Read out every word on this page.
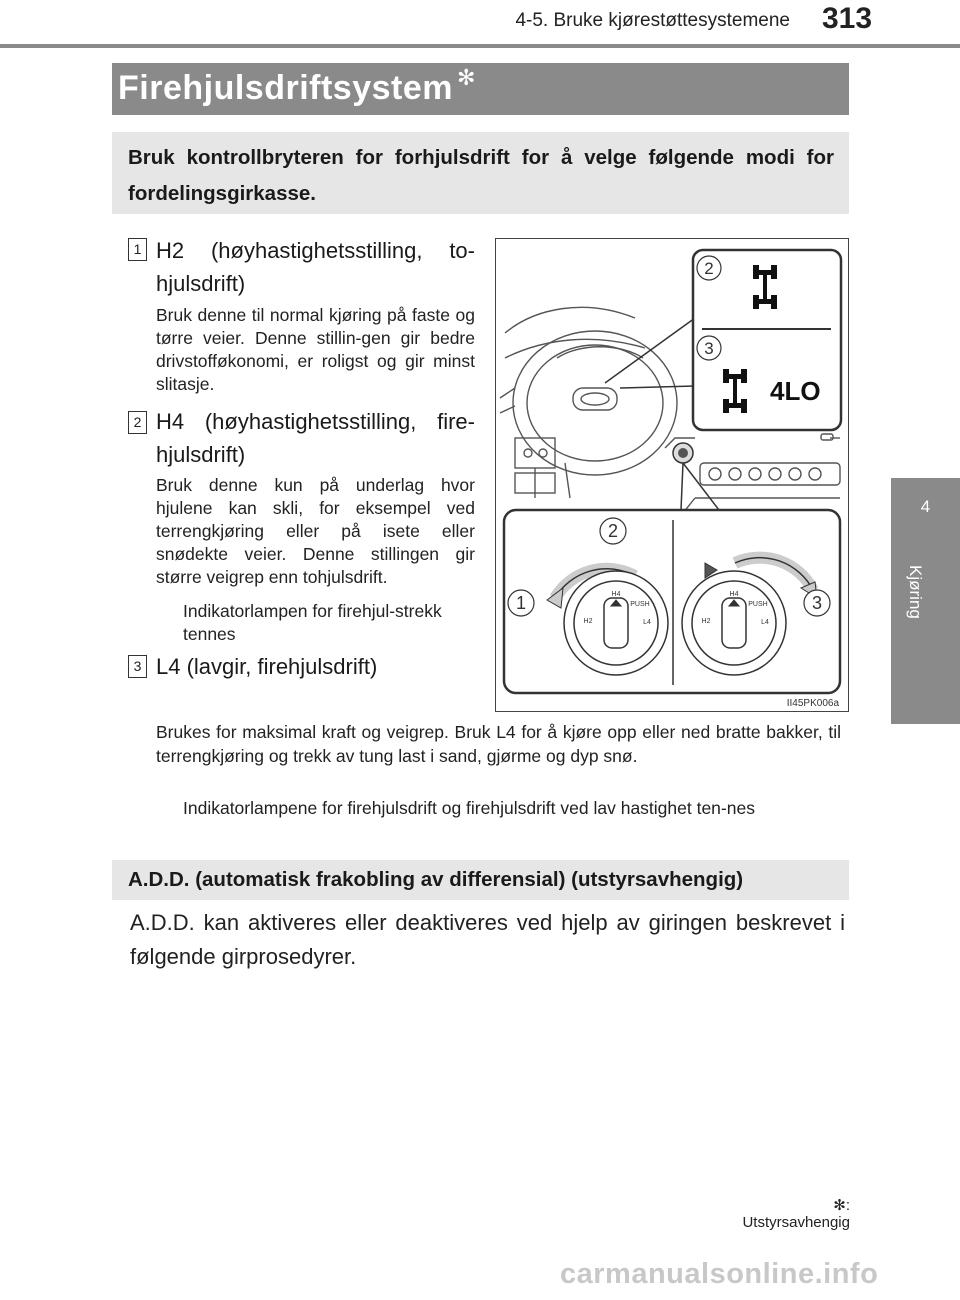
4-5. Bruke kjørestøttesystemene 313
4
Kjøring
Firehjulsdriftsystem ✻
Bruk kontrollbryteren for forhjulsdrift for å velge følgende modi for fordelingsgirkasse.
1 H2 (høyhastighetsstilling, to-hjulsdrift)
Bruk denne til normal kjøring på faste og tørre veier. Denne stillin-gen gir bedre drivstofføkonomi, er roligst og gir minst slitasje.
2 H4 (høyhastighetsstilling, fire-hjulsdrift)
Bruk denne kun på underlag hvor hjulene kan skli, for eksempel ved terrengkjøring eller på isete eller snødekte veier. Denne stillingen gir større veigrep enn tohjulsdrift.
Indikatorlampen for firehjul-strekk tennes
3 L4 (lavgir, firehjulsdrift)
Brukes for maksimal kraft og veigrep. Bruk L4 for å kjøre opp eller ned bratte bakker, til terrengkjøring og trekk av tung last i sand, gjørme og dyp snø.
Indikatorlampene for firehjulsdrift og firehjulsdrift ved lav hastighet ten-nes
2
3
4LO
H4
PUSH
H2	L4
H4
PUSH
H2	L4
2
1	3
II45PK006a
A.D.D. (automatisk frakobling av differensial) (utstyrsavhengig)
A.D.D. kan aktiveres eller deaktiveres ved hjelp av giringen beskrevet i følgende girprosedyrer.
✻: Utstyrsavhengig
carmanualsonline.info
